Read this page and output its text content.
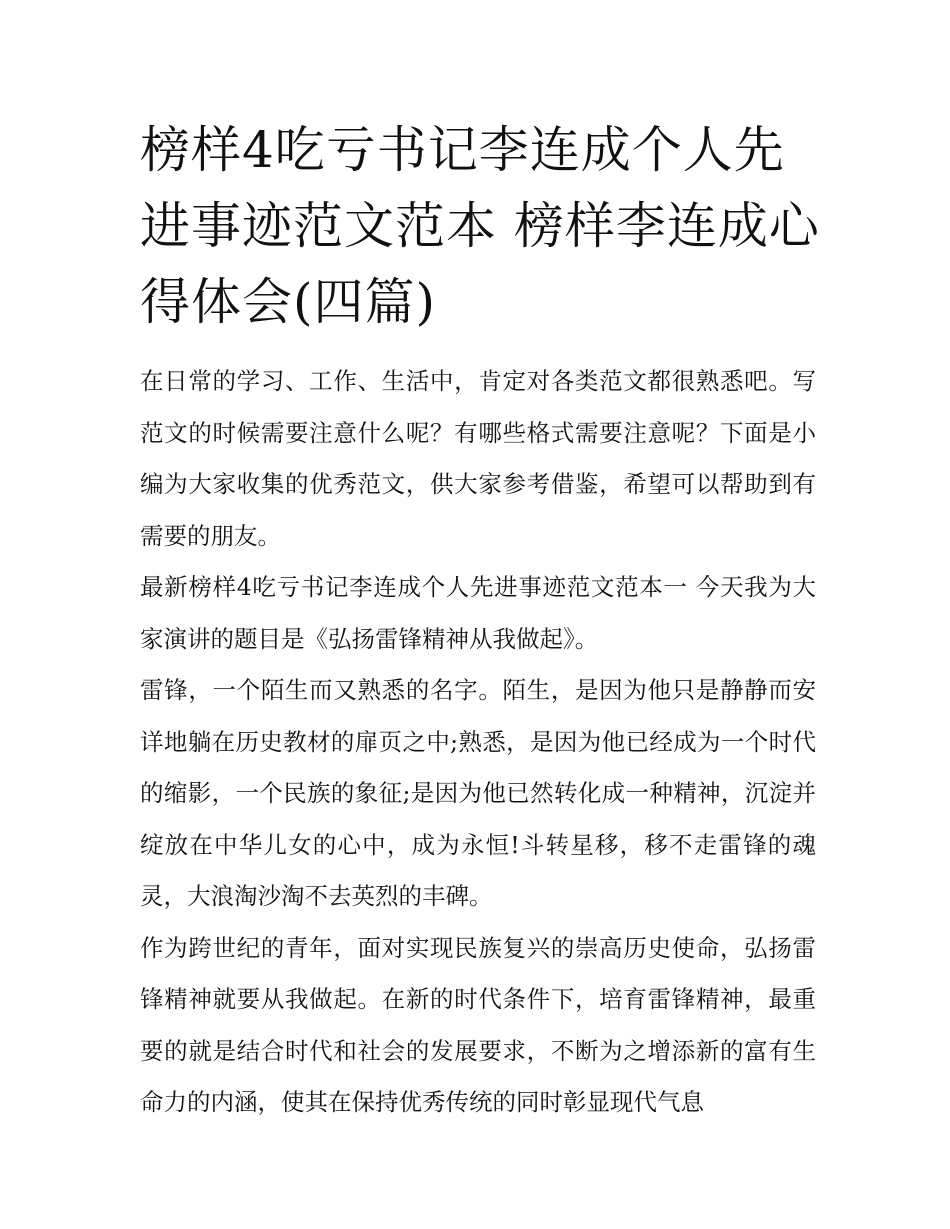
榜样4吃亏书记李连成个人先进事迹范文范本 榜样李连成心得体会(四篇)

在日常的学习、工作、生活中，肯定对各类范文都很熟悉吧。写范文的时候需要注意什么呢？有哪些格式需要注意呢？下面是小编为大家收集的优秀范文，供大家参考借鉴，希望可以帮助到有需要的朋友。

最新榜样4吃亏书记李连成个人先进事迹范文范本一 今天我为大家演讲的题目是《弘扬雷锋精神从我做起》。

雷锋，一个陌生而又熟悉的名字。陌生，是因为他只是静静而安详地躺在历史教材的扉页之中;熟悉，是因为他已经成为一个时代的缩影，一个民族的象征;是因为他已然转化成一种精神，沉淀并绽放在中华儿女的心中，成为永恒!斗转星移，移不走雷锋的魂灵，大浪淘沙淘不去英烈的丰碑。

作为跨世纪的青年，面对实现民族复兴的崇高历史使命，弘扬雷锋精神就要从我做起。在新的时代条件下，培育雷锋精神，最重要的就是结合时代和社会的发展要求，不断为之增添新的富有生命力的内涵，使其在保持优秀传统的同时彰显现代气息
